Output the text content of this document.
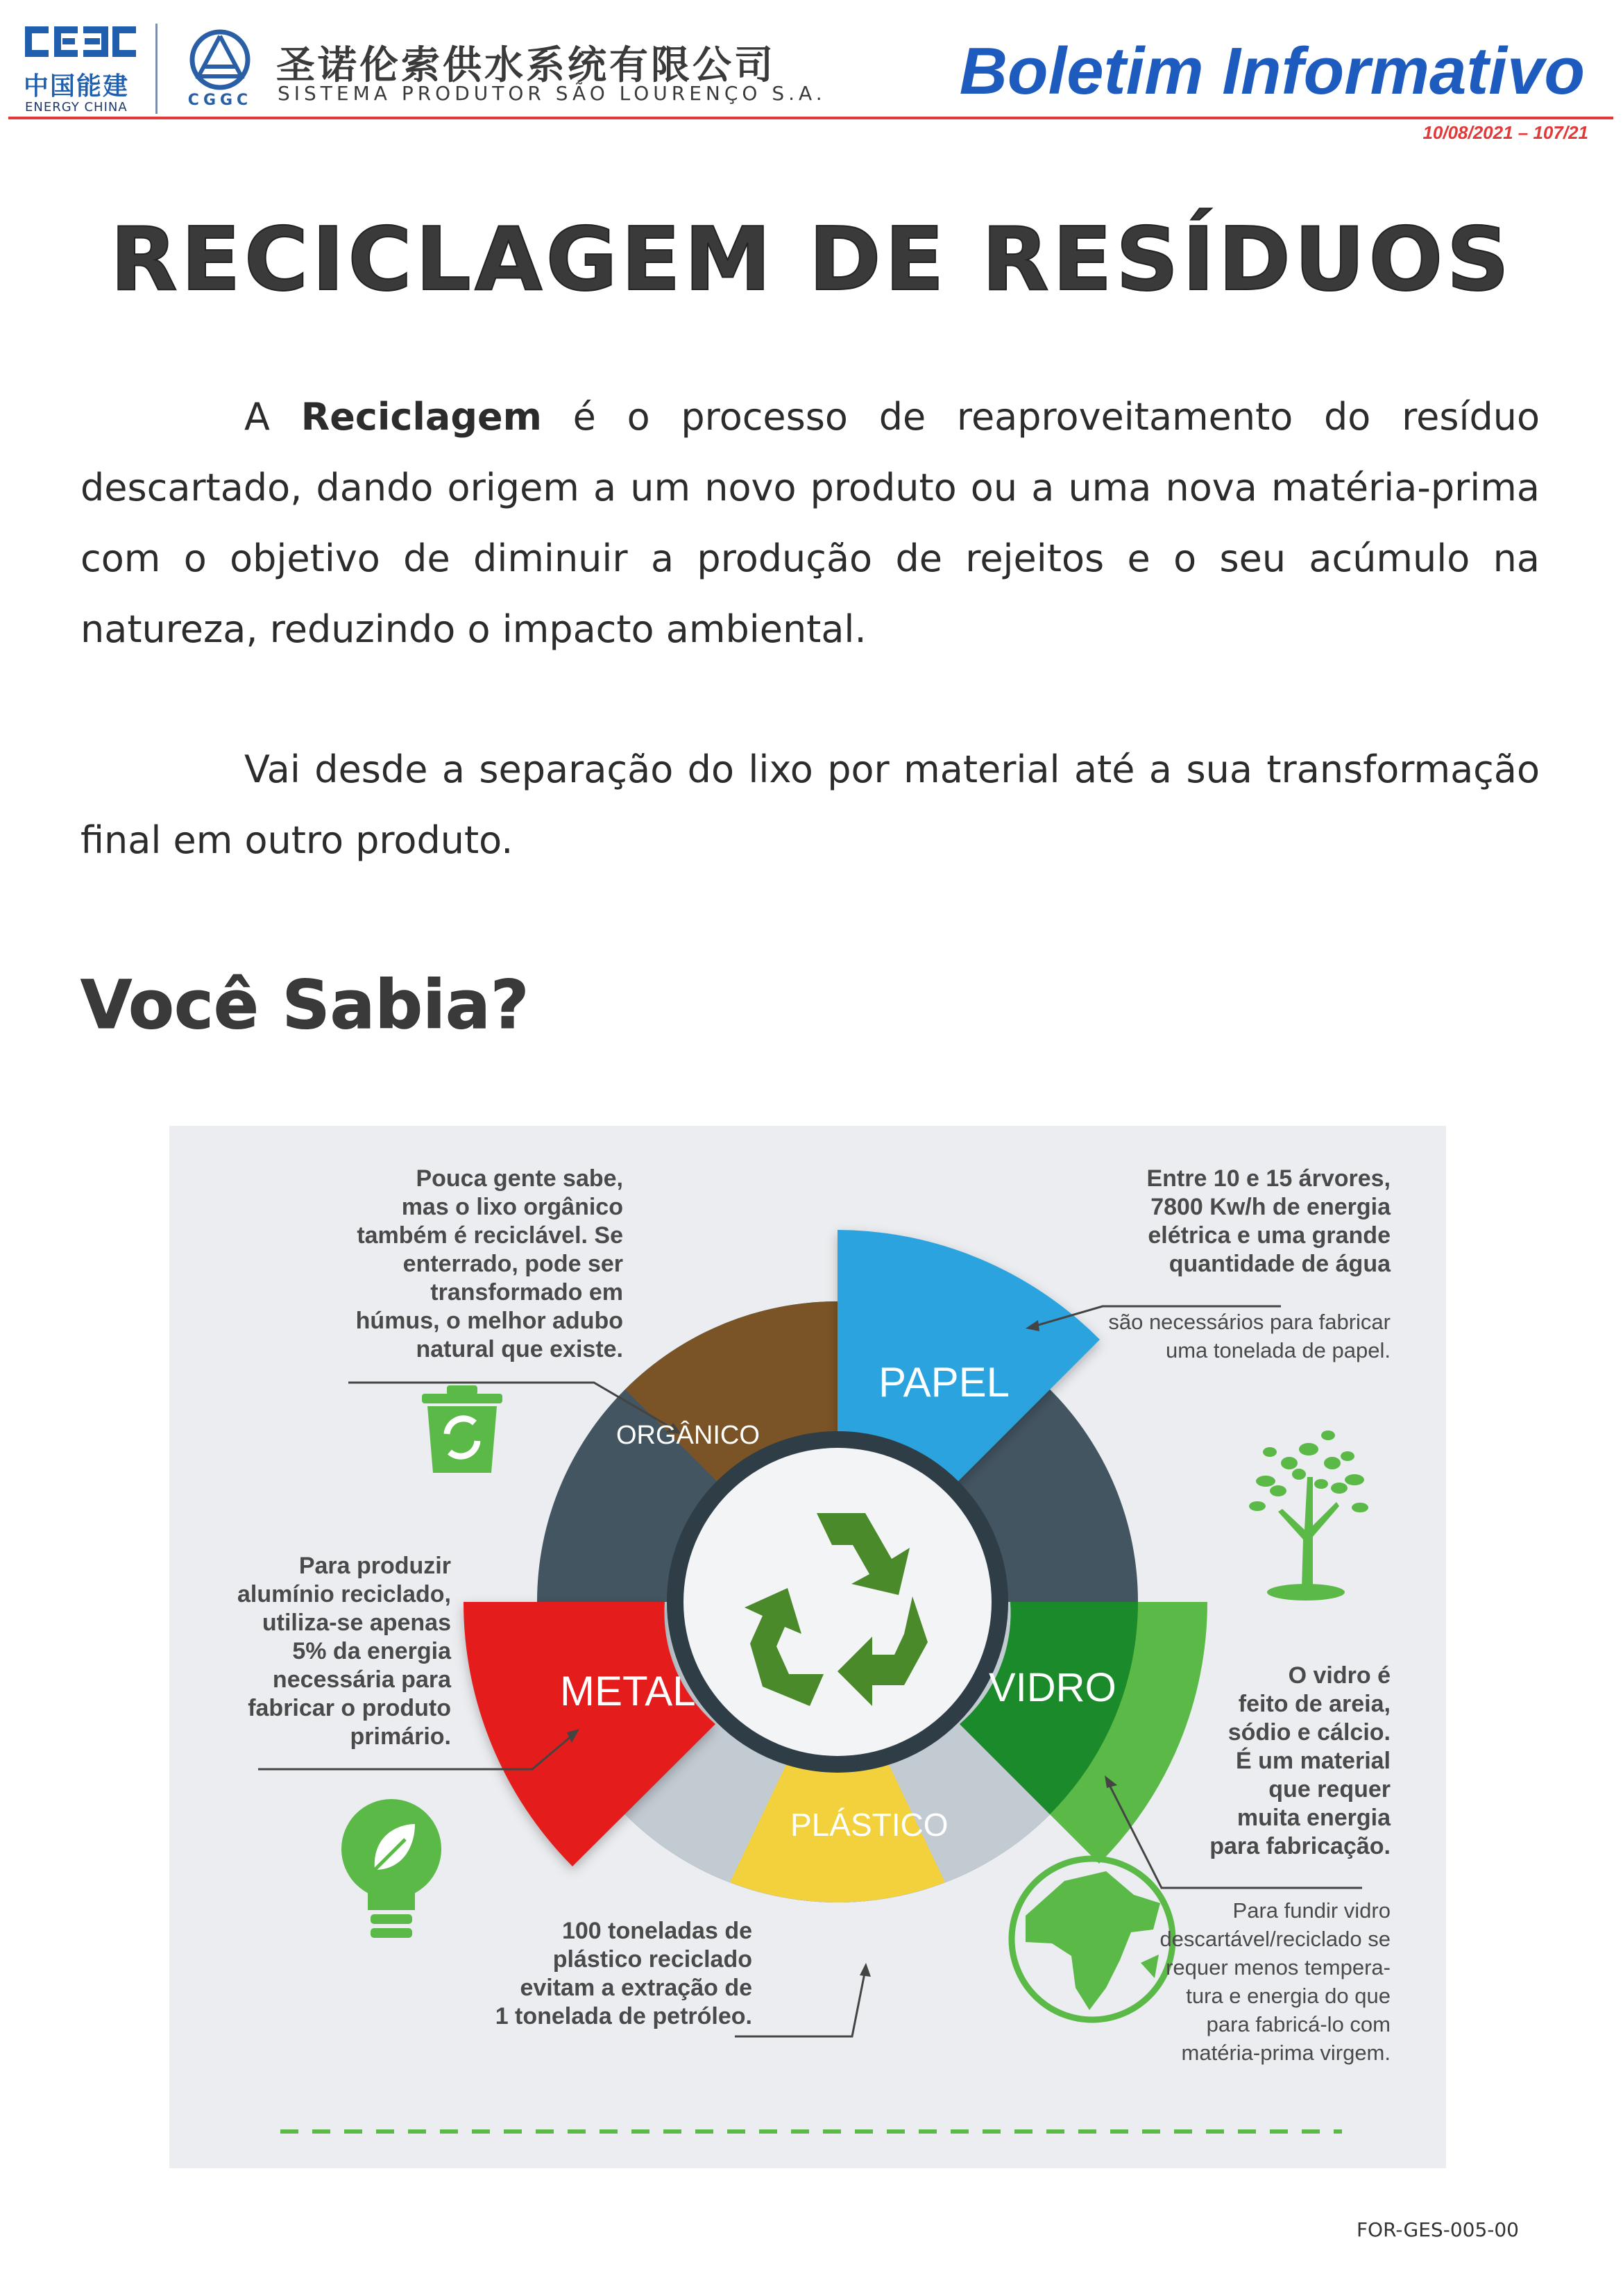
中国能建
ENERGY CHINA	CGGC
圣诺伦索供水系统有限公司
SISTEMA PRODUTOR SÃO LOURENÇO S.A. Boletim Informativo
10/08/2021 – 107/21
RECICLAGEM DE RESÍDUOS
A Reciclagem é o processo de reaproveitamento do resíduo descartado, dando origem a um novo produto ou a uma nova matéria-prima com o objetivo de diminuir a produção de rejeitos e o seu acúmulo na natureza, reduzindo o impacto ambiental.
Vai desde a separação do lixo por material até a sua transformação final em outro produto.
Você Sabia?
PAPEL
ORGÂNICO
METAL	VIDRO
PLÁSTICO
Pouca gente sabe,
mas o lixo orgânico
também é reciclável. Se
enterrado, pode ser
transformado em
húmus, o melhor adubo
natural que existe.
Entre 10 e 15 árvores,
7800 Kw/h de energia
elétrica e uma grande
quantidade de água
são necessários para fabricar
uma tonelada de papel.
Para produzir
alumínio reciclado,
utiliza-se apenas
5% da energia
necessária para
fabricar o produto
primário.
O vidro é
feito de areia,
sódio e cálcio.
É um material
que requer
muita energia
para fabricação.
Para fundir vidro
descartável/reciclado se
requer menos tempera-
tura e energia do que
para fabricá-lo com
matéria-prima virgem.
100 toneladas de
plástico reciclado
evitam a extração de
1 tonelada de petróleo.
FOR-GES-005-00
